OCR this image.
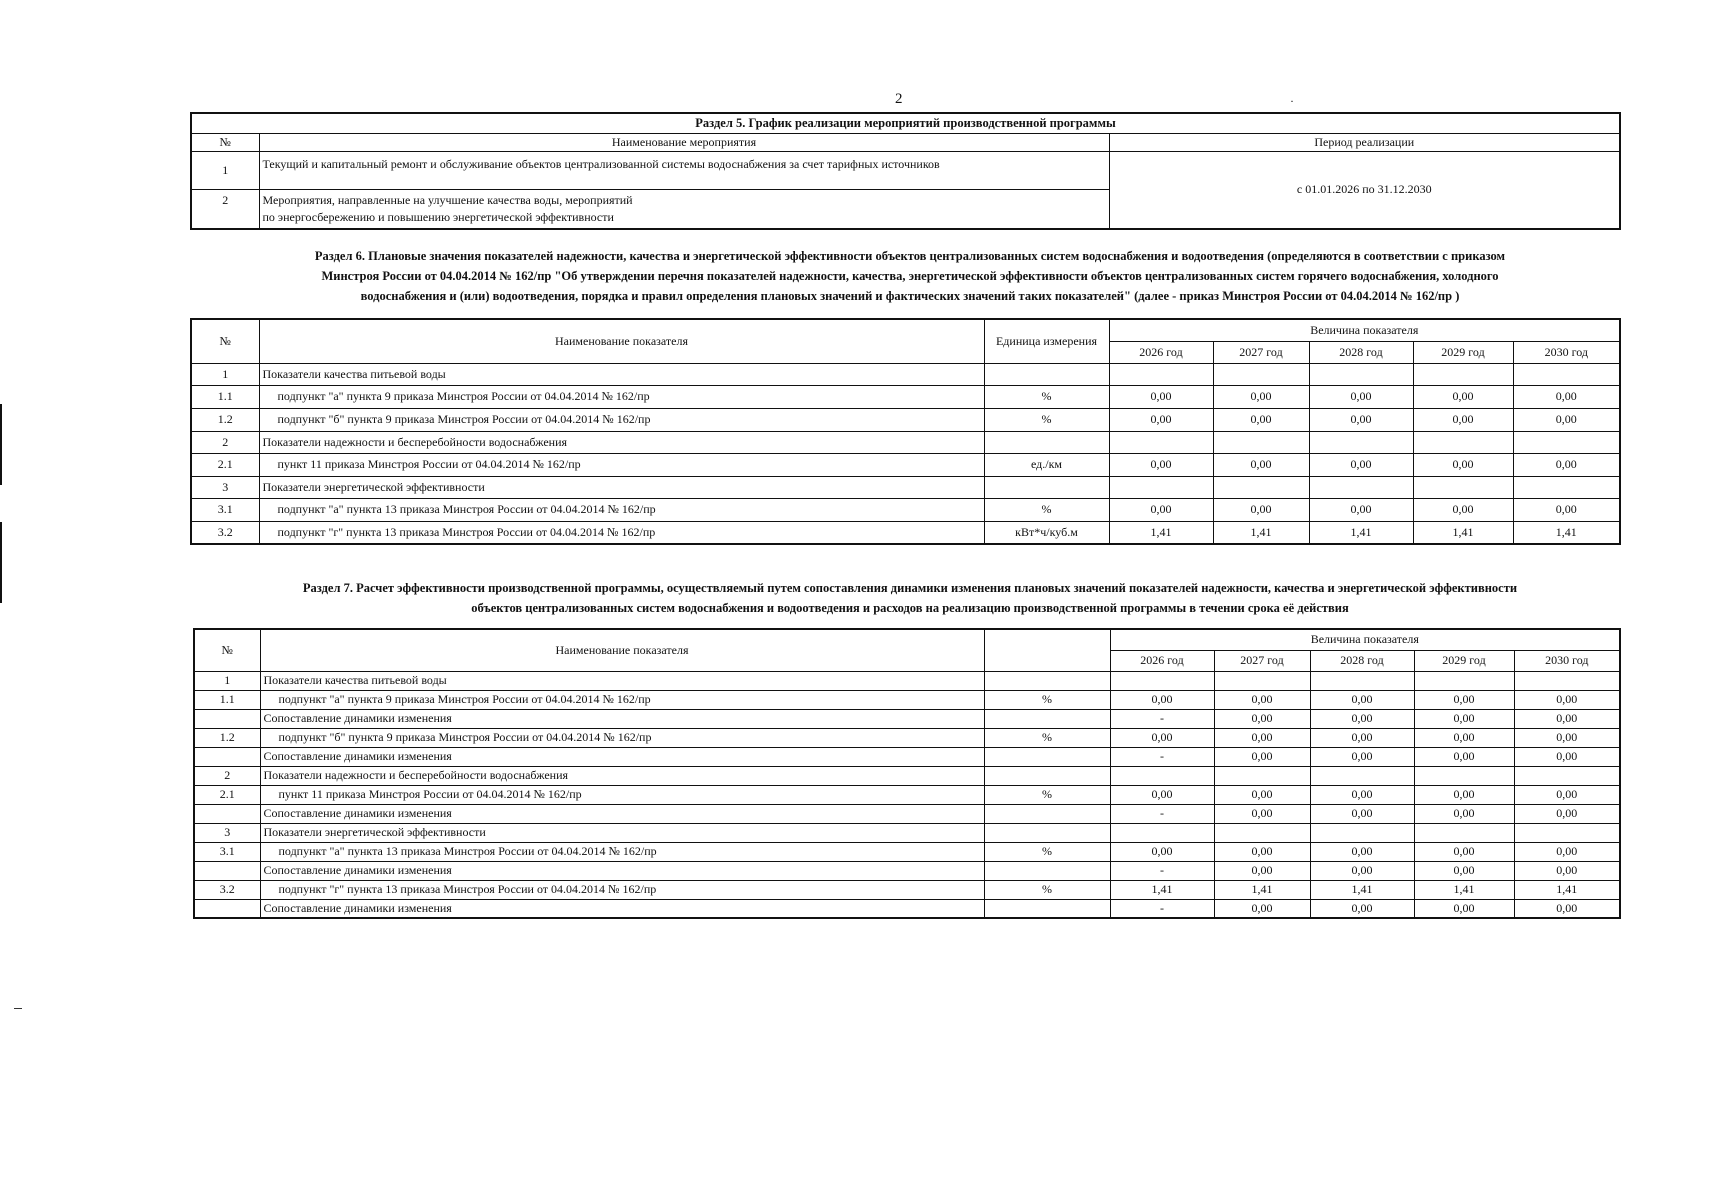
2	·
Раздел 5. График реализации мероприятий производственной программы		
№	Наименование мероприятия	Период реализации
1	Текущий и капитальный ремонт и обслуживание объектов централизованной системы водоснабжения за счет тарифных источников	с 01.01.2026 по 31.12.2030
2	Мероприятия, направленные на улучшение качества воды, мероприятий
по энергосбережению и повышению энергетической эффективности	
Раздел 6. Плановые значения показателей надежности, качества и энергетической эффективности объектов централизованных систем водоснабжения и водоотведения (определяются в соответствии с приказом
Минстроя России от 04.04.2014 № 162/пр "Об утверждении перечня показателей надежности, качества, энергетической эффективности объектов централизованных систем горячего водоснабжения, холодного
водоснабжения и (или) водоотведения, порядка и правил определения плановых значений и фактических значений таких показателей" (далее - приказ Минстроя России от 04.04.2014 № 162/пр )
№	Наименование показателя	Единица измерения	Величина показателя				
			2026 год	2027 год	2028 год	2029 год	2030 год
1	Показатели качества питьевой воды						
1.1	подпункт "а" пункта 9 приказа Минстроя России от 04.04.2014 № 162/пр	%	0,00	0,00	0,00	0,00	0,00
1.2	подпункт "б" пункта 9 приказа Минстроя России от 04.04.2014 № 162/пр	%	0,00	0,00	0,00	0,00	0,00
2	Показатели надежности и бесперебойности водоснабжения						
2.1	пункт 11 приказа Минстроя России от 04.04.2014 № 162/пр	ед./км	0,00	0,00	0,00	0,00	0,00
3	Показатели энергетической эффективности						
3.1	подпункт "а" пункта 13 приказа Минстроя России от 04.04.2014 № 162/пр	%	0,00	0,00	0,00	0,00	0,00
3.2	подпункт "г" пункта 13 приказа Минстроя России от 04.04.2014 № 162/пр	кВт*ч/куб.м	1,41	1,41	1,41	1,41	1,41
Раздел 7. Расчет эффективности производственной программы, осуществляемый путем сопоставления динамики изменения плановых значений показателей надежности, качества и энергетической эффективности
объектов централизованных систем водоснабжения и водоотведения и расходов на реализацию производственной программы в течении срока её действия
№	Наименование показателя		Величина показателя				
			2026 год	2027 год	2028 год	2029 год	2030 год
1	Показатели качества питьевой воды						
1.1	подпункт "а" пункта 9 приказа Минстроя России от 04.04.2014 № 162/пр	%	0,00	0,00	0,00	0,00	0,00
	Сопоставление динамики изменения		-	0,00	0,00	0,00	0,00
1.2	подпункт "б" пункта 9 приказа Минстроя России от 04.04.2014 № 162/пр	%	0,00	0,00	0,00	0,00	0,00
	Сопоставление динамики изменения		-	0,00	0,00	0,00	0,00
2	Показатели надежности и бесперебойности водоснабжения						
2.1	пункт 11 приказа Минстроя России от 04.04.2014 № 162/пр	%	0,00	0,00	0,00	0,00	0,00
	Сопоставление динамики изменения		-	0,00	0,00	0,00	0,00
3	Показатели энергетической эффективности						
3.1	подпункт "а" пункта 13 приказа Минстроя России от 04.04.2014 № 162/пр	%	0,00	0,00	0,00	0,00	0,00
	Сопоставление динамики изменения		-	0,00	0,00	0,00	0,00
3.2	подпункт "г" пункта 13 приказа Минстроя России от 04.04.2014 № 162/пр	%	1,41	1,41	1,41	1,41	1,41
	Сопоставление динамики изменения		-	0,00	0,00	0,00	0,00
